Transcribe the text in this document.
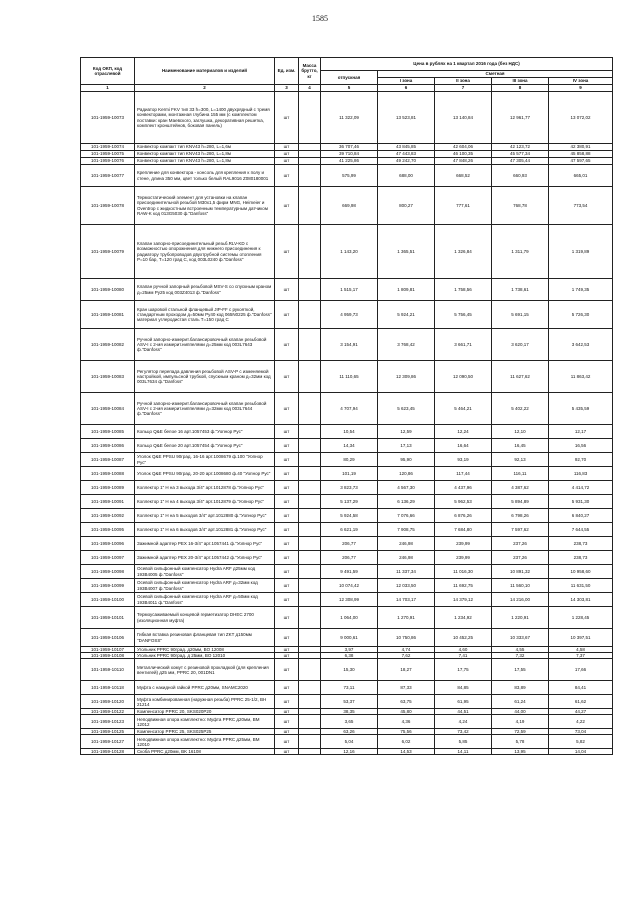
1585
Код ОКП, код отраслевой	Наименование материалов и изделий	Ед. изм.	Масса брутто, кг	Цена в рублях на 1 квартал 2016 года (без НДС)				
				отпускная	Сметная			
					I зона	II зона	III зона	IV зона
1	2	3	4	5	6	7	8	9
101-1959-10073	Радиатор Kermi FKV тип 33 h=300, L=1400 двухрядный с тремя конвекторами, монтажная глубина 155 мм (с комплектом поставки: кран Маевского, заглушка, декоративная решетка, комплект кронштейнов, боковая панель)	шт		11 322,09	13 523,81	13 140,84	12 961,77	13 072,02
101-1959-10074	Конвектор компакт тип KNV43 h=280, L=1,6м	шт		36 707,46	43 845,85	42 604,06	42 123,72	42 380,91
101-1959-10075	Конвектор компакт тип KNV43 h=280, L=1,8м	шт		39 710,84	47 443,83	46 100,35	45 577,34	45 858,88
101-1959-10076	Конвектор компакт тип KNV43 h=280, L=1,8м	шт		41 225,86	49 242,70	47 848,26	47 305,44	47 597,65
101-1959-10077	Крепление для конвектора - консоль для крепления к полу и стене, длина 350 мм, цвет только белый RAL9016 Z080180001	шт		575,99	688,00	668,52	660,93	665,01
101-1959-10078	Термостатический элемент для установки на клапан присоединительной резьбой M30x1,5 фирм MNG, Heimeier и Oventrop с жидкостным встроенным температурным датчиком RAW-K код 013G5030 ф."Danfoss"	шт		669,98	800,27	777,61	768,78	773,54
101-1959-10079	Клапан запорно-присоединительный резьб.RLV-KD с возможностью опорожнения для нижнего присоединения к радиатору трубопроводов двухтрубной системы отопления P=10 бар, T=120 град С, код 003L0240 ф."Danfoss"	шт		1 143,20	1 365,51	1 326,84	1 311,79	1 319,89
101-1959-10080	Клапан ручной запорный резьбовой MSV-S со спускным краном д=25мм Ру25 код 003Z4013 ф."Danfoss"	шт		1 515,17	1 809,81	1 758,56	1 738,61	1 749,35
101-1959-10081	Кран шаровой стальной фланцевый JIP-FF с рукояткой, стандартным проходом д=50мм Ру40 код 065N0225 ф."Danfoss" материал углеродистая сталь T=150 град С	шт		4 959,73	5 924,21	5 756,45	5 691,15	5 726,30
101-1959-10082	Ручной запорно-измерит.балансировочный клапан резьбовой ASV-I с 2-мя измерит.ниппелями д=25мм код 003L7643 ф."Danfoss"	шт		3 154,91	3 768,42	3 661,71	3 620,17	3 642,53
101-1959-10083	Регулятор перепада давления резьбовой ASV-P с изменяемой настройкой, импульсной трубкой, спускным краном д=32мм код 003L7634 ф."Danfoss"	шт		11 110,65	12 309,86	12 090,50	11 627,62	11 863,42
101-1959-10084	Ручной запорно-измерит.балансировочный клапан резьбовой ASV-I с 2-мя измерит.ниппелями д=32мм код 003L7644 ф."Danfoss"	шт		4 707,94	5 623,45	5 464,21	5 402,22	5 435,59
101-1959-10085	Кольцо Q&E белое 16 арт.1057453 ф."Уопнор Рус"	шт		10,54	12,59	12,24	12,10	12,17
101-1959-10086	Кольцо Q&E белое 20 арт.1057454 ф."Уопнор Рус"	шт		14,34	17,13	16,64	16,45	16,56
101-1959-10087	Уголок Q&E PPSU 90град. 16-16 арт.1008679 ф.100 "Уопнор Рус"	шт		80,29	95,90	93,19	92,13	92,70
101-1959-10088	Уголок Q&E PPSU 90град. 20-20 арт.1008680 ф.40 "Уопнор Рус"	шт		101,19	120,86	117,44	116,11	116,83
101-1959-10089	Коллектор 1" Н на 3 выхода 3/4" арт.1012878 ф."Уопнор Рус"	шт		3 823,73	4 567,30	4 437,96	4 387,62	4 414,72
101-1959-10091	Коллектор 1" Н на 4 выхода 3/4" арт.1012879 ф."Уопнор Рус"	шт		5 137,29	6 136,29	5 962,53	5 894,89	5 931,30
101-1959-10092	Коллектор 1" Н на 5 выходов 3/4" арт.1012880 ф."Уопнор Рус"	шт		5 924,58	7 076,66	6 876,26	6 798,26	6 840,27
101-1959-10095	Коллектор 1" Н на 6 выходов 3/4" арт.1012881 ф."Уопнор Рус"	шт		6 621,19	7 908,75	7 684,80	7 597,62	7 644,55
101-1959-10096	Зажимной адаптер PEX 16-3/4" арт.1057441 ф."Уопнор Рус"	шт		206,77	246,98	239,99	237,26	238,73
101-1959-10097	Зажимной адаптер PEX 20-3/4" арт.1057442 ф."Уопнор Рус"	шт		206,77	246,98	239,99	237,26	238,73
101-1959-10098	Осевой сильфонный компенсатор Hydra ARF д25мм код 193B4005 ф."Danfoss"	шт		9 491,59	11 337,34	11 016,30	10 891,32	10 958,60
101-1959-10099	Осевой сильфонный компенсатор Hydra ARF д=32мм код 193B4007 ф."Danfoss"	шт		10 074,42	12 033,50	11 692,75	11 560,10	11 631,50
101-1959-10100	Осевой сильфонный компенсатор Hydra ARF д=50мм код 193B4011 ф."Danfoss"	шт		12 308,99	14 703,17	14 379,12	14 216,00	14 303,81
101-1959-10101	Термоусаживаемый концевой герметизатор DHEC 2700 (изоляционная муфта)	шт		1 064,00	1 270,91	1 234,92	1 220,91	1 228,45
101-1959-10106	Гибкая вставка резиновая фланцевая тип ZKT д150мм "DANFOSS"	шт		9 000,61	10 750,86	10 452,25	10 333,67	10 397,51
101-1959-10107	Угольник PPRC 90град. д20мм, BO 12008	шт		3,97	4,74	4,60	4,55	4,58
101-1959-10108	Угольник PPRC 90град. д 25мм, BO 12010	шт		6,38	7,62	7,41	7,32	7,37
101-1959-10110	Металлический хомут с резиновой прокладкой (для крепления вентилей) д25 мм, PPRC 20, 001DN1	шт		15,30	18,27	17,75	17,55	17,66
101-1959-10118	Муфта с накидной гайкой PPRC д20мм, SNAMC2020	шт		73,11	87,33	84,85	83,89	84,41
101-1959-10120	Муфта комбинированная (наружная резьба) PPRC 25-1/2, BH 21214	шт		53,37	63,75	61,95	61,24	61,62
101-1959-10122	Компенсатор PPRC 20, SKS020P20	шт		38,35	45,80	44,51	44,00	44,27
101-1959-10123	Неподвижная опора комплектно: Муфта PPRC д20мм, BM 12012	шт		3,65	4,36	4,24	4,19	4,22
101-1959-10125	Компенсатор PPRC 25, SKS025P25	шт		63,26	75,56	73,42	72,59	73,04
101-1959-10127	Неподвижная опора комплектно: Муфта PPRC д25мм, BM 12010	шт		5,04	6,02	5,85	5,78	5,82
101-1959-10128	Скоба PPRC д20мм, BK 16108	шт		12,16	14,53	14,11	13,95	14,04
